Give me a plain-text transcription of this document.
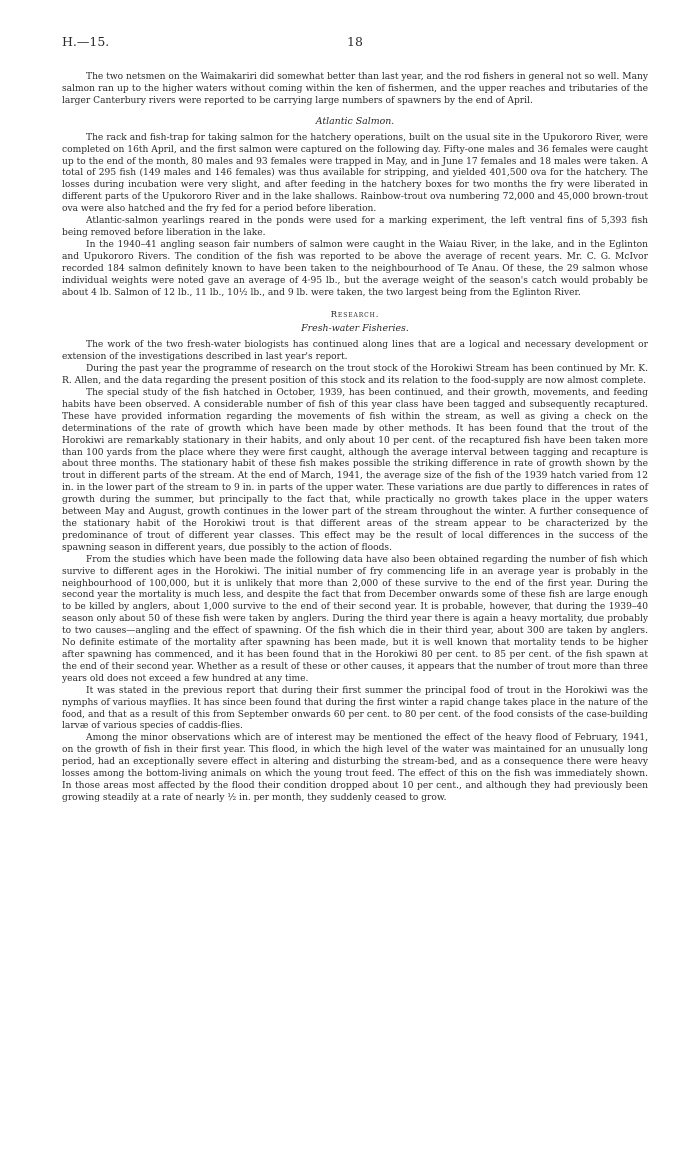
H.—15.	18

The two netsmen on the Waimakariri did somewhat better than last year, and the rod fishers in general not so well. Many salmon ran up to the higher waters without coming within the ken of fishermen, and the upper reaches and tributaries of the larger Canterbury rivers were reported to be carrying large numbers of spawners by the end of April.

Atlantic Salmon.

The rack and fish-trap for taking salmon for the hatchery operations, built on the usual site in the Upukororo River, were completed on 16th April, and the first salmon were captured on the following day. Fifty-one males and 36 females were caught up to the end of the month, 80 males and 93 females were trapped in May, and in June 17 females and 18 males were taken. A total of 295 fish (149 males and 146 females) was thus available for stripping, and yielded 401,500 ova for the hatchery. The losses during incubation were very slight, and after feeding in the hatchery boxes for two months the fry were liberated in different parts of the Upukororo River and in the lake shallows. Rainbow-trout ova numbering 72,000 and 45,000 brown-trout ova were also hatched and the fry fed for a period before liberation.

Atlantic-salmon yearlings reared in the ponds were used for a marking experiment, the left ventral fins of 5,393 fish being removed before liberation in the lake.

In the 1940–41 angling season fair numbers of salmon were caught in the Waiau River, in the lake, and in the Eglinton and Upukororo Rivers. The condition of the fish was reported to be above the average of recent years. Mr. C. G. McIvor recorded 184 salmon definitely known to have been taken to the neighbourhood of Te Anau. Of these, the 29 salmon whose individual weights were noted gave an average of 4·95 lb., but the average weight of the season's catch would probably be about 4 lb. Salmon of 12 lb., 11 lb., 10½ lb., and 9 lb. were taken, the two largest being from the Eglinton River.

Research.
Fresh-water Fisheries.

The work of the two fresh-water biologists has continued along lines that are a logical and necessary development or extension of the investigations described in last year's report.

During the past year the programme of research on the trout stock of the Horokiwi Stream has been continued by Mr. K. R. Allen, and the data regarding the present position of this stock and its relation to the food-supply are now almost complete.

The special study of the fish hatched in October, 1939, has been continued, and their growth, movements, and feeding habits have been observed. A considerable number of fish of this year class have been tagged and subsequently recaptured. These have provided information regarding the movements of fish within the stream, as well as giving a check on the determinations of the rate of growth which have been made by other methods. It has been found that the trout of the Horokiwi are remarkably stationary in their habits, and only about 10 per cent. of the recaptured fish have been taken more than 100 yards from the place where they were first caught, although the average interval between tagging and recapture is about three months. The stationary habit of these fish makes possible the striking difference in rate of growth shown by the trout in different parts of the stream. At the end of March, 1941, the average size of the fish of the 1939 hatch varied from 12 in. in the lower part of the stream to 9 in. in parts of the upper water. These variations are due partly to differences in rates of growth during the summer, but principally to the fact that, while practically no growth takes place in the upper waters between May and August, growth continues in the lower part of the stream throughout the winter. A further consequence of the stationary habit of the Horokiwi trout is that different areas of the stream appear to be characterized by the predominance of trout of different year classes. This effect may be the result of local differences in the success of the spawning season in different years, due possibly to the action of floods.

From the studies which have been made the following data have also been obtained regarding the number of fish which survive to different ages in the Horokiwi. The initial number of fry commencing life in an average year is probably in the neighbourhood of 100,000, but it is unlikely that more than 2,000 of these survive to the end of the first year. During the second year the mortality is much less, and despite the fact that from December onwards some of these fish are large enough to be killed by anglers, about 1,000 survive to the end of their second year. It is probable, however, that during the 1939–40 season only about 50 of these fish were taken by anglers. During the third year there is again a heavy mortality, due probably to two causes—angling and the effect of spawning. Of the fish which die in their third year, about 300 are taken by anglers. No definite estimate of the mortality after spawning has been made, but it is well known that mortality tends to be higher after spawning has commenced, and it has been found that in the Horokiwi 80 per cent. to 85 per cent. of the fish spawn at the end of their second year. Whether as a result of these or other causes, it appears that the number of trout more than three years old does not exceed a few hundred at any time.

It was stated in the previous report that during their first summer the principal food of trout in the Horokiwi was the nymphs of various mayflies. It has since been found that during the first winter a rapid change takes place in the nature of the food, and that as a result of this from September onwards 60 per cent. to 80 per cent. of the food consists of the case-building larvæ of various species of caddis-flies.

Among the minor observations which are of interest may be mentioned the effect of the heavy flood of February, 1941, on the growth of fish in their first year. This flood, in which the high level of the water was maintained for an unusually long period, had an exceptionally severe effect in altering and disturbing the stream-bed, and as a consequence there were heavy losses among the bottom-living animals on which the young trout feed. The effect of this on the fish was immediately shown. In those areas most affected by the flood their condition dropped about 10 per cent., and although they had previously been growing steadily at a rate of nearly ½ in. per month, they suddenly ceased to grow.
